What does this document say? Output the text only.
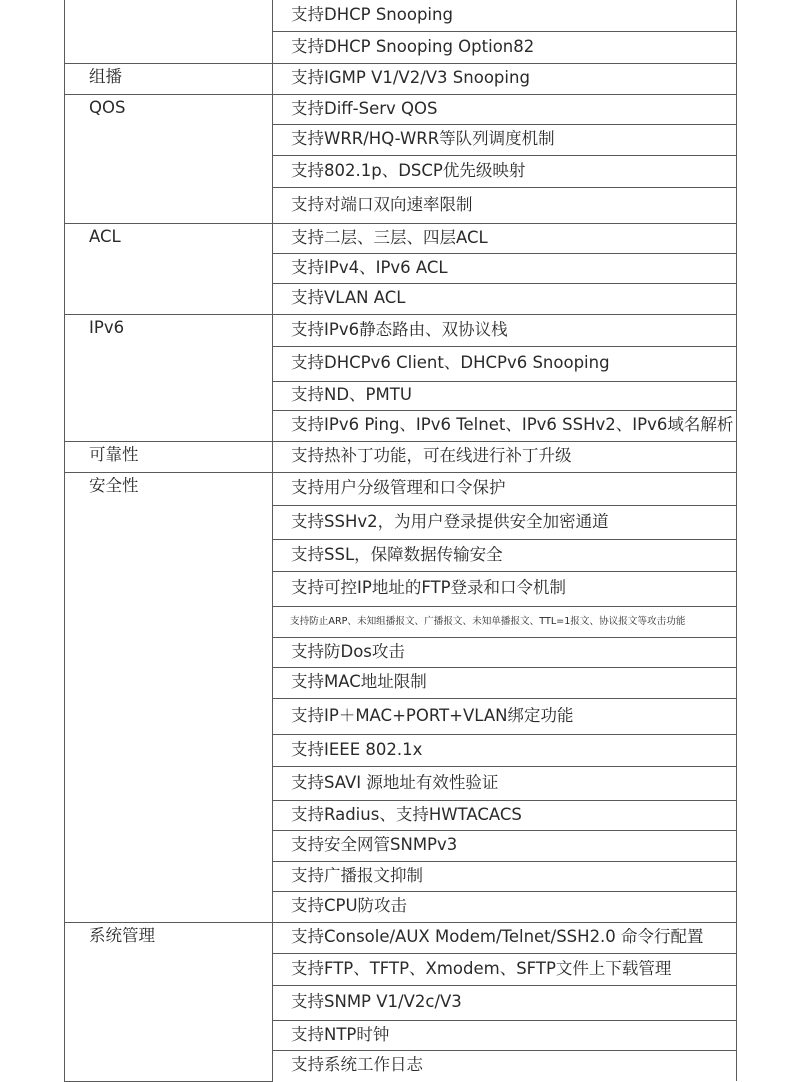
	支持DHCP Snooping
	支持DHCP Snooping Option82
组播	支持IGMP V1/V2/V3 Snooping
QOS	支持Diff-Serv QOS
	支持WRR/HQ-WRR等队列调度机制
	支持802.1p、DSCP优先级映射
	支持对端口双向速率限制
ACL	支持二层、三层、四层ACL
	支持IPv4、IPv6 ACL
	支持VLAN ACL
IPv6	支持IPv6静态路由、双协议栈
	支持DHCPv6 Client、DHCPv6 Snooping
	支持ND、PMTU
	支持IPv6 Ping、IPv6 Telnet、IPv6 SSHv2、IPv6域名解析
可靠性	支持热补丁功能，可在线进行补丁升级
安全性	支持用户分级管理和口令保护
	支持SSHv2，为用户登录提供安全加密通道
	支持SSL，保障数据传输安全
	支持可控IP地址的FTP登录和口令机制
	支持防止ARP、未知组播报文、广播报文、未知单播报文、TTL=1报文、协议报文等攻击功能
	支持防Dos攻击
	支持MAC地址限制
	支持IP＋MAC+PORT+VLAN绑定功能
	支持IEEE 802.1x
	支持SAVI 源地址有效性验证
	支持Radius、支持HWTACACS
	支持安全网管SNMPv3
	支持广播报文抑制
	支持CPU防攻击
系统管理	支持Console/AUX Modem/Telnet/SSH2.0 命令行配置
	支持FTP、TFTP、Xmodem、SFTP文件上下载管理
	支持SNMP V1/V2c/V3
	支持NTP时钟
	支持系统工作日志
